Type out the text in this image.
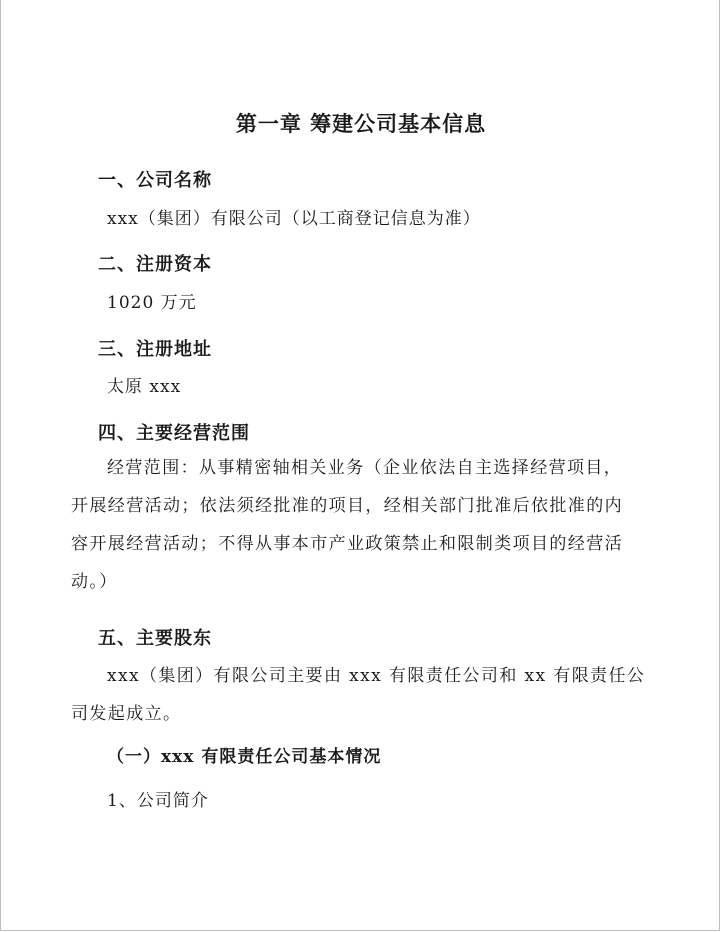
第一章 筹建公司基本信息
一、公司名称
xxx（集团）有限公司（以工商登记信息为准）
二、注册资本
1020 万元
三、注册地址
太原 xxx
四、主要经营范围
经营范围：从事精密轴相关业务（企业依法自主选择经营项目，
开展经营活动；依法须经批准的项目，经相关部门批准后依批准的内
容开展经营活动；不得从事本市产业政策禁止和限制类项目的经营活
动。）
五、主要股东
xxx（集团）有限公司主要由 xxx 有限责任公司和 xx 有限责任公
司发起成立。
（一）xxx 有限责任公司基本情况
1、公司简介
